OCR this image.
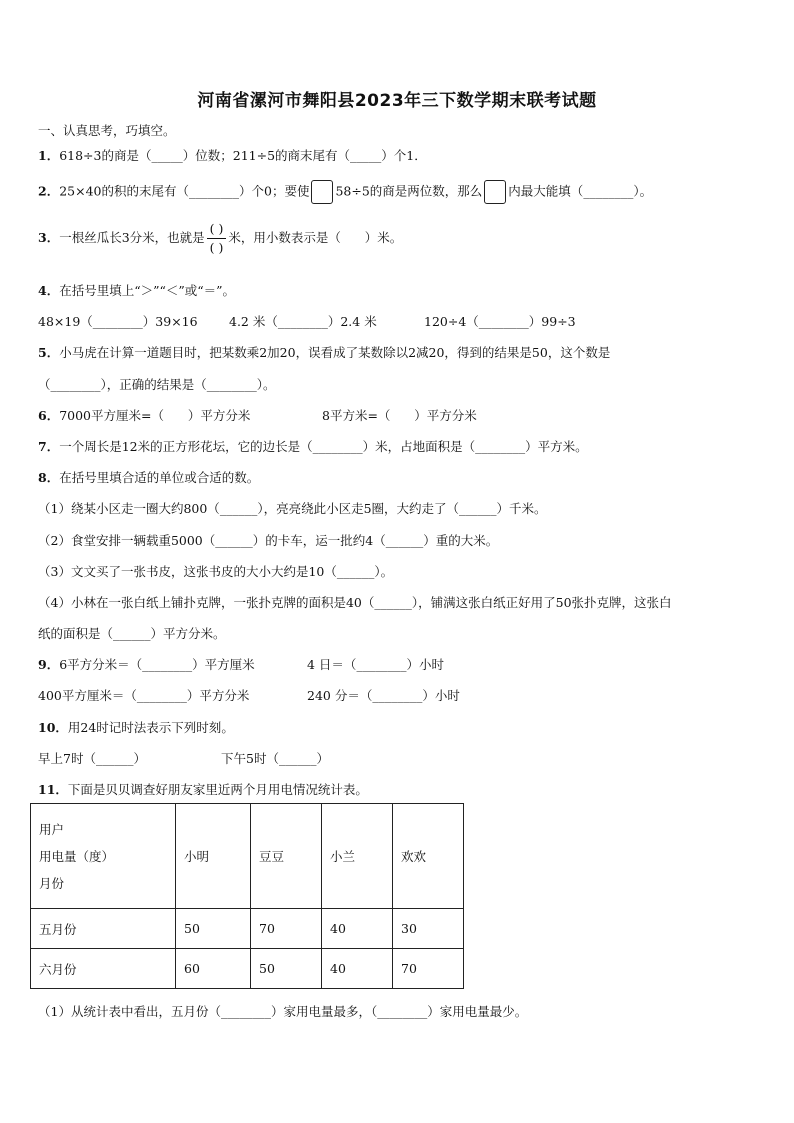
河南省漯河市舞阳县2023年三下数学期末联考试题
一、认真思考，巧填空。
1．618÷3的商是（_____）位数；211÷5的商末尾有（_____）个1．
2．25×40的积的末尾有（________）个0；要使 58÷5的商是两位数，那么 内最大能填（________）。
3．一根丝瓜长3分米，也就是 $\frac{( )}{( )}$ 米，用小数表示是（ ）米。
4．在括号里填上“＞”“＜”或“＝”。
48×19（________）39×16	4.2 米（________）2.4 米	120÷4（________）99÷3
5．小马虎在计算一道题目时，把某数乘2加20，误看成了某数除以2减20，得到的结果是50，这个数是
（________），正确的结果是（________）。
6．7000平方厘米=（ ）平方分米	8平方米=（ ）平方分米
7．一个周长是12米的正方形花坛，它的边长是（________）米，占地面积是（________）平方米。
8．在括号里填合适的单位或合适的数。
（1）绕某小区走一圈大约800（______），亮亮绕此小区走5圈，大约走了（______）千米。
（2）食堂安排一辆载重5000（______）的卡车，运一批约4（______）重的大米。
（3）文文买了一张书皮，这张书皮的大小大约是10（______）。
（4）小林在一张白纸上铺扑克牌，一张扑克牌的面积是40（______），铺满这张白纸正好用了50张扑克牌，这张白
纸的面积是（______）平方分米。
9．6平方分米＝（________）平方厘米	4 日＝（________）小时
400平方厘米＝（________）平方分米	240 分＝（________）小时
10．用24时记时法表示下列时刻。
早上7时（______）	下午5时（______）
11．下面是贝贝调查好朋友家里近两个月用电情况统计表。
用户
用电量（度）
月份	小明	豆豆	小兰	欢欢
五月份	50	70	40	30
六月份	60	50	40	70
（1）从统计表中看出，五月份（________）家用电量最多，（________）家用电量最少。
